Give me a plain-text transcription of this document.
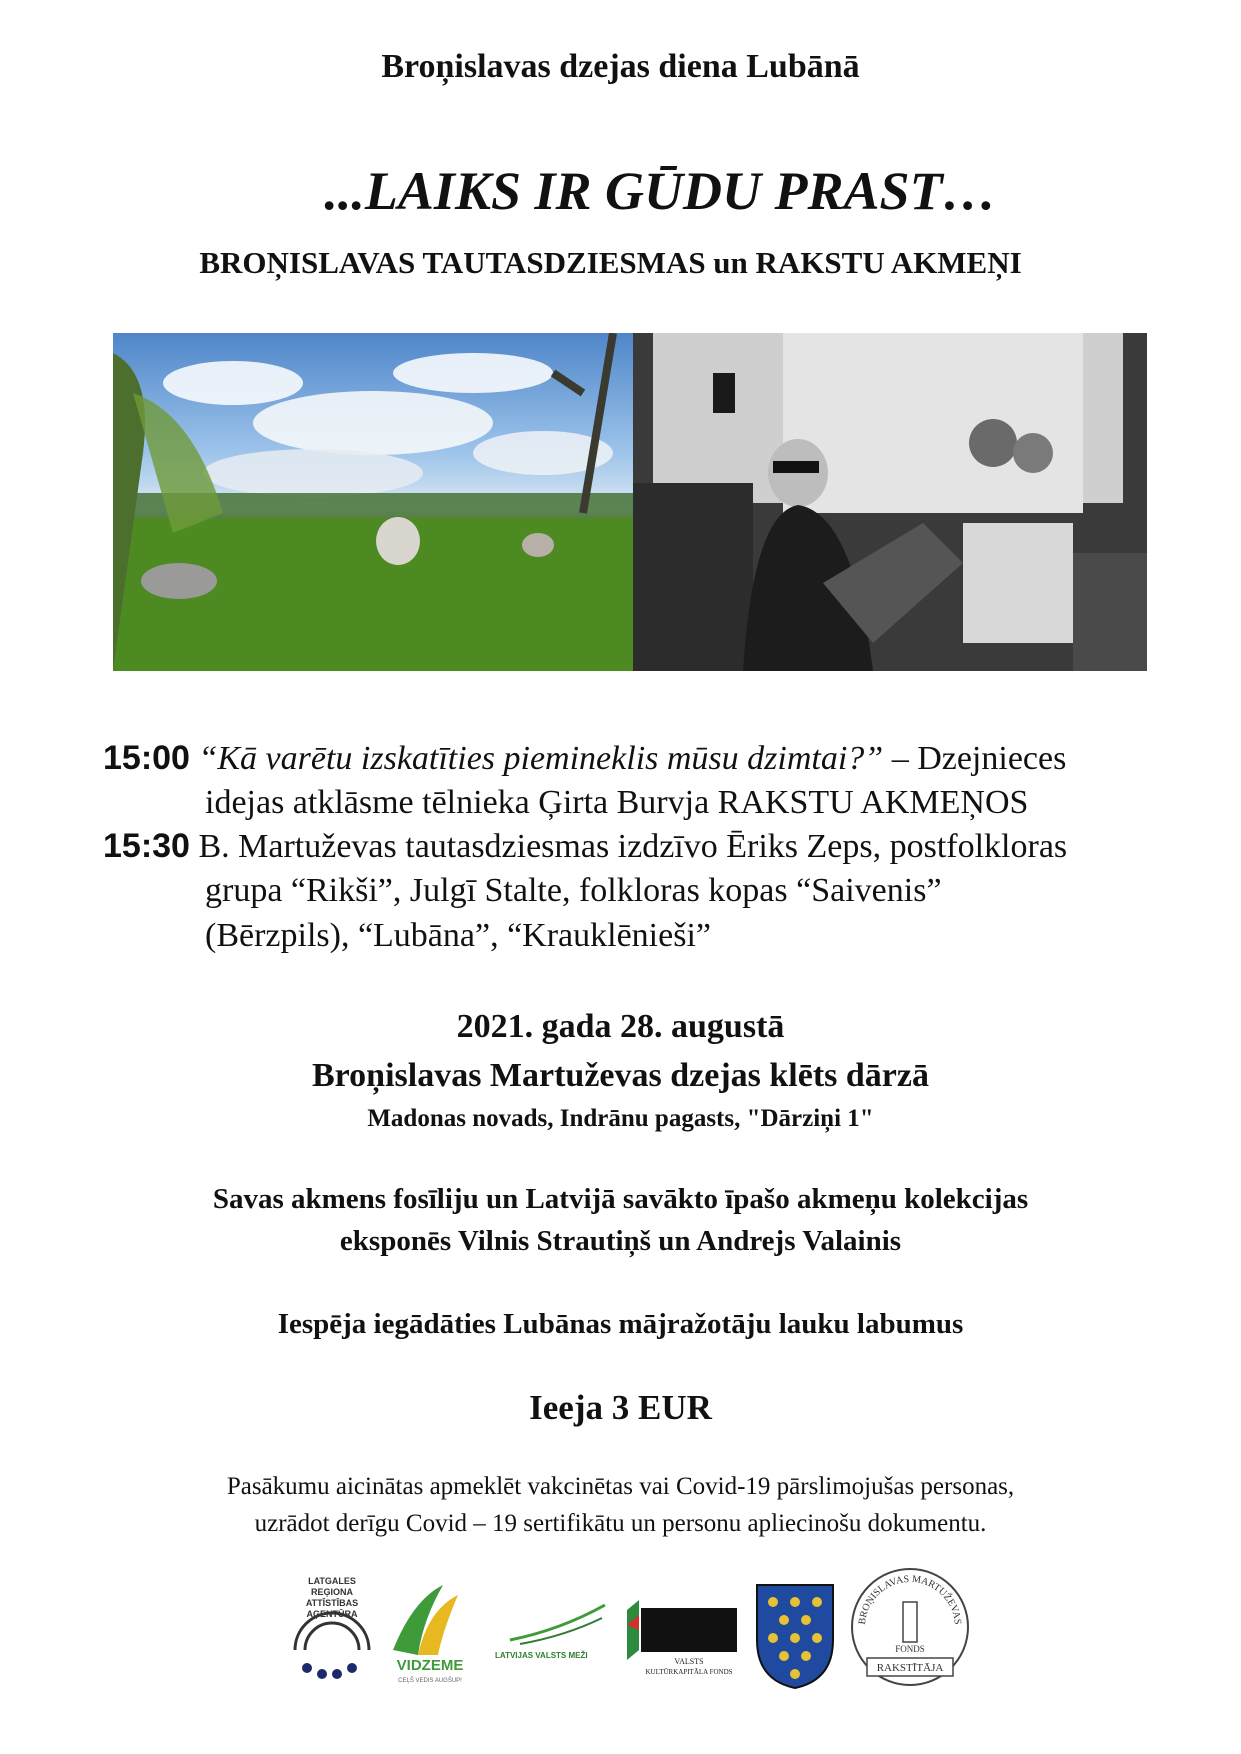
Broņislavas dzejas diena Lubānā
...LAIKS IR GŪDU PRAST…
BROŅISLAVAS TAUTASDZIESMAS un RAKSTU AKMEŅI
15:00 “Kā varētu izskatīties piemineklis mūsu dzimtai?” – Dzejnieces
idejas atklāsme tēlnieka Ģirta Burvja RAKSTU AKMEŅOS
15:30 B. Martuževas tautasdziesmas izdzīvo Ēriks Zeps, postfolkloras
grupa “Rikši”, Julgī Stalte, folkloras kopas “Saivenis”
(Bērzpils), “Lubāna”, “Krauklēnieši”
2021. gada 28. augustā
Broņislavas Martuževas dzejas klēts dārzā
Madonas novads, Indrānu pagasts, "Dārziņi 1"
Savas akmens fosīliju un Latvijā savākto īpašo akmeņu kolekcijas
eksponēs Vilnis Strautiņš un Andrejs Valainis
Iespēja iegādāties Lubānas mājražotāju lauku labumus
Ieeja 3 EUR
Pasākumu aicinātas apmeklēt vakcinētas vai Covid-19 pārslimojušas personas,
uzrādot derīgu Covid – 19 sertifikātu un personu apliecinošu dokumentu.
LATGALES
REĢIONA
ATTĪSTĪBAS
AĢENTŪRA
VIDZEME
CEĻŠ VEDIS AUGŠUP!
LATVIJAS VALSTS MEŽI
VALSTS
KULTŪRKAPITĀLA FONDS
BROŅISLAVAS MARTUŽEVAS
FONDS
RAKSTĪTĀJA
